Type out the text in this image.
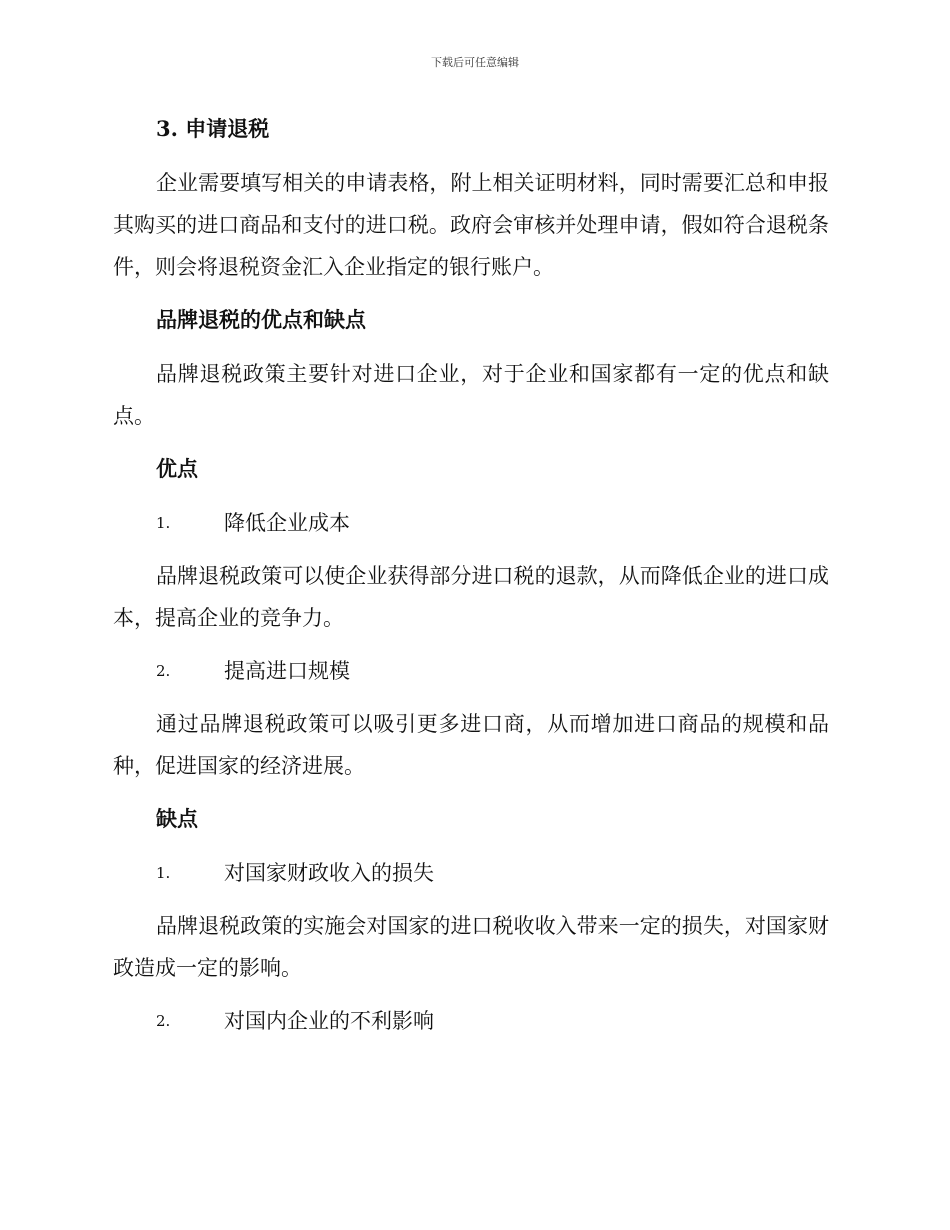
下载后可任意编辑
3. 申请退税

企业需要填写相关的申请表格，附上相关证明材料，同时需要汇总和申报其购买的进口商品和支付的进口税。政府会审核并处理申请，假如符合退税条件，则会将退税资金汇入企业指定的银行账户。

品牌退税的优点和缺点

品牌退税政策主要针对进口企业，对于企业和国家都有一定的优点和缺点。

优点
1.	降低企业成本

品牌退税政策可以使企业获得部分进口税的退款，从而降低企业的进口成本，提高企业的竞争力。

2.	提高进口规模

通过品牌退税政策可以吸引更多进口商，从而增加进口商品的规模和品种，促进国家的经济进展。

缺点
1.	对国家财政收入的损失

品牌退税政策的实施会对国家的进口税收收入带来一定的损失，对国家财政造成一定的影响。

2.	对国内企业的不利影响
